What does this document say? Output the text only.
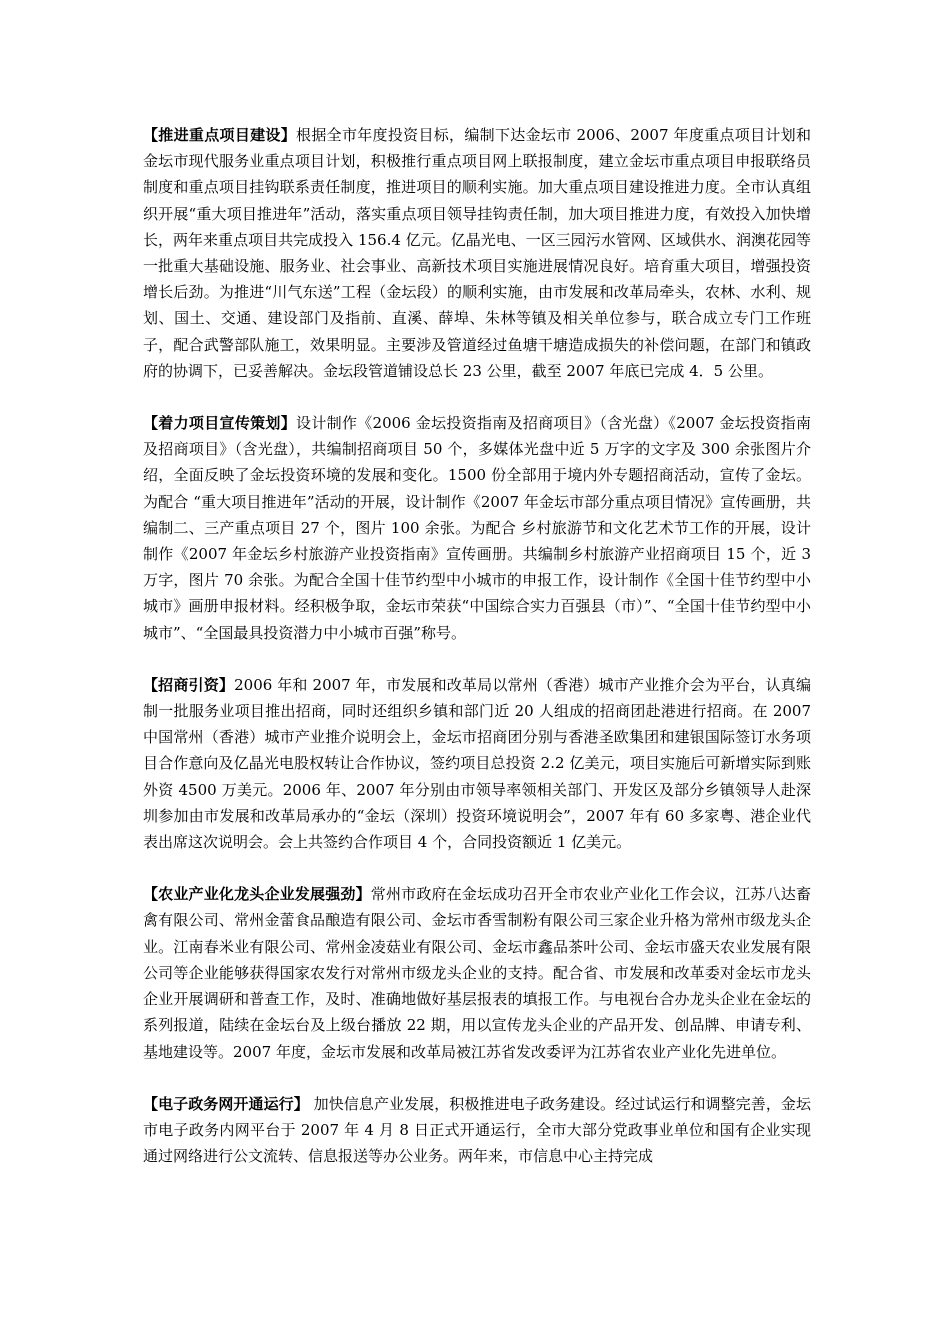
【推进重点项目建设】根据全市年度投资目标，编制下达金坛市 2006、2007 年度重点项目计划和金坛市现代服务业重点项目计划，积极推行重点项目网上联报制度，建立金坛市重点项目申报联络员制度和重点项目挂钩联系责任制度，推进项目的顺利实施。加大重点项目建设推进力度。全市认真组织开展“重大项目推进年”活动，落实重点项目领导挂钩责任制，加大项目推进力度，有效投入加快增长，两年来重点项目共完成投入 156.4 亿元。亿晶光电、一区三园污水管网、区域供水、润澳花园等一批重大基础设施、服务业、社会事业、高新技术项目实施进展情况良好。培育重大项目，增强投资增长后劲。为推进“川气东送”工程（金坛段）的顺利实施，由市发展和改革局牵头，农林、水利、规划、国土、交通、建设部门及指前、直溪、薛埠、朱林等镇及相关单位参与，联合成立专门工作班子，配合武警部队施工，效果明显。主要涉及管道经过鱼塘干塘造成损失的补偿问题，在部门和镇政府的协调下，已妥善解决。金坛段管道铺设总长 23 公里，截至 2007 年底已完成 4．5 公里。

【着力项目宣传策划】设计制作《2006 金坛投资指南及招商项目》（含光盘）《2007 金坛投资指南及招商项目》（含光盘），共编制招商项目 50 个，多媒体光盘中近 5 万字的文字及 300 余张图片介绍，全面反映了金坛投资环境的发展和变化。1500 份全部用于境内外专题招商活动，宣传了金坛。为配合 “重大项目推进年”活动的开展，设计制作《2007 年金坛市部分重点项目情况》宣传画册，共编制二、三产重点项目 27 个，图片 100 余张。为配合 乡村旅游节和文化艺术节工作的开展，设计制作《2007 年金坛乡村旅游产业投资指南》宣传画册。共编制乡村旅游产业招商项目 15 个，近 3 万字，图片 70 余张。为配合全国十佳节约型中小城市的申报工作，设计制作《全国十佳节约型中小城市》画册申报材料。经积极争取，金坛市荣获“中国综合实力百强县（市）”、“全国十佳节约型中小城市”、“全国最具投资潜力中小城市百强”称号。

【招商引资】2006 年和 2007 年，市发展和改革局以常州（香港）城市产业推介会为平台，认真编制一批服务业项目推出招商，同时还组织乡镇和部门近 20 人组成的招商团赴港进行招商。在 2007 中国常州（香港）城市产业推介说明会上，金坛市招商团分别与香港圣欧集团和建银国际签订水务项目合作意向及亿晶光电股权转让合作协议，签约项目总投资 2.2 亿美元，项目实施后可新增实际到账外资 4500 万美元。2006 年、2007 年分别由市领导率领相关部门、开发区及部分乡镇领导人赴深圳参加由市发展和改革局承办的“金坛（深圳）投资环境说明会”，2007 年有 60 多家粤、港企业代表出席这次说明会。会上共签约合作项目 4 个，合同投资额近 1 亿美元。

【农业产业化龙头企业发展强劲】常州市政府在金坛成功召开全市农业产业化工作会议，江苏八达畜禽有限公司、常州金蕾食品酿造有限公司、金坛市香雪制粉有限公司三家企业升格为常州市级龙头企业。江南春米业有限公司、常州金凌菇业有限公司、金坛市鑫品茶叶公司、金坛市盛天农业发展有限公司等企业能够获得国家农发行对常州市级龙头企业的支持。配合省、市发展和改革委对金坛市龙头企业开展调研和普查工作，及时、准确地做好基层报表的填报工作。与电视台合办龙头企业在金坛的系列报道，陆续在金坛台及上级台播放 22 期，用以宣传龙头企业的产品开发、创品牌、申请专利、基地建设等。2007 年度，金坛市发展和改革局被江苏省发改委评为江苏省农业产业化先进单位。

【电子政务网开通运行】 加快信息产业发展，积极推进电子政务建设。经过试运行和调整完善，金坛市电子政务内网平台于 2007 年 4 月 8 日正式开通运行，全市大部分党政事业单位和国有企业实现通过网络进行公文流转、信息报送等办公业务。两年来，市信息中心主持完成
